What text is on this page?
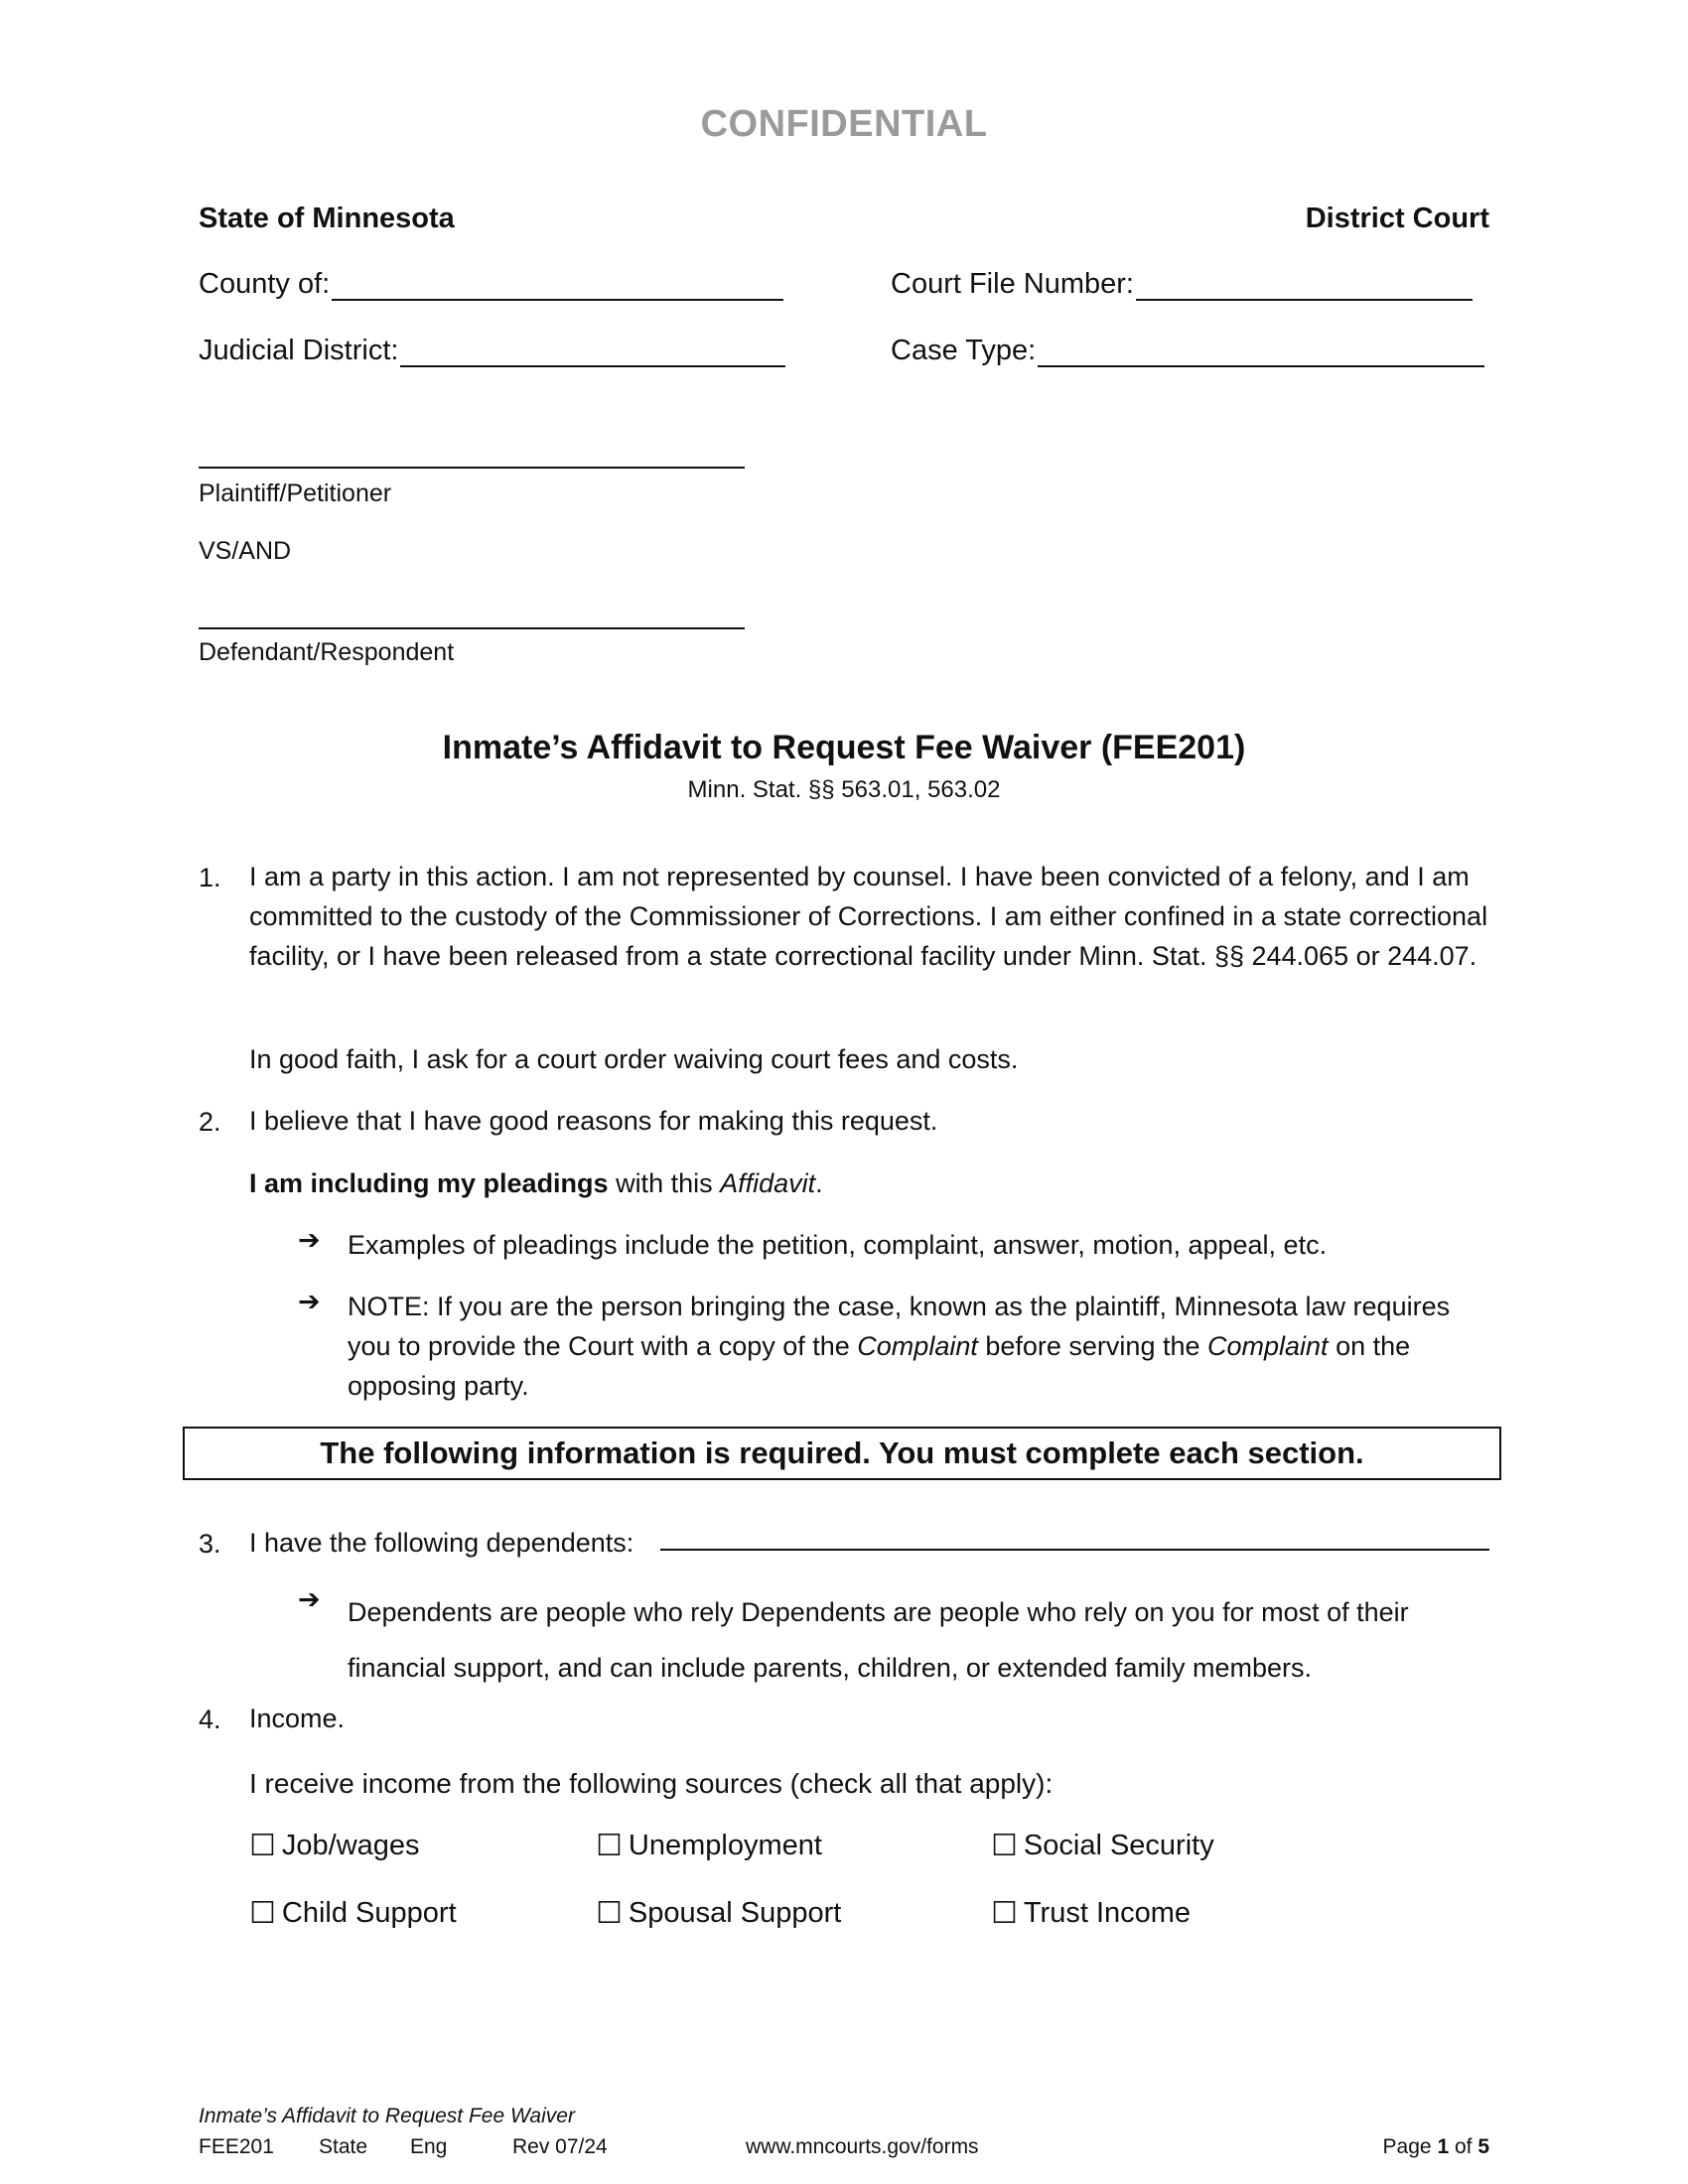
CONFIDENTIAL
State of Minnesota	District Court
County of:	Court File Number:
Judicial District:	Case Type:
Plaintiff/Petitioner
VS/AND
Defendant/Respondent
Inmate’s Affidavit to Request Fee Waiver (FEE201)
Minn. Stat. §§ 563.01, 563.02
1. I am a party in this action. I am not represented by counsel. I have been convicted of a felony, and I am committed to the custody of the Commissioner of Corrections. I am either confined in a state correctional facility, or I have been released from a state correctional facility under Minn. Stat. §§ 244.065 or 244.07.
In good faith, I ask for a court order waiving court fees and costs.
2. I believe that I have good reasons for making this request.
I am including my pleadings with this Affidavit.
➔ Examples of pleadings include the petition, complaint, answer, motion, appeal, etc.
➔ NOTE: If you are the person bringing the case, known as the plaintiff, Minnesota law requires you to provide the Court with a copy of the Complaint before serving the Complaint on the opposing party.
The following information is required. You must complete each section.
3. I have the following dependents:
➔ Dependents are people who rely Dependents are people who rely on you for most of their financial support, and can include parents, children, or extended family members.
4. Income.
I receive income from the following sources (check all that apply):
☐ Job/wages	☐ Unemployment	☐ Social Security
☐ Child Support	☐ Spousal Support	☐ Trust Income
Inmate’s Affidavit to Request Fee Waiver
FEE201 State Eng	Rev 07/24	www.mncourts.gov/forms	Page 1 of 5
